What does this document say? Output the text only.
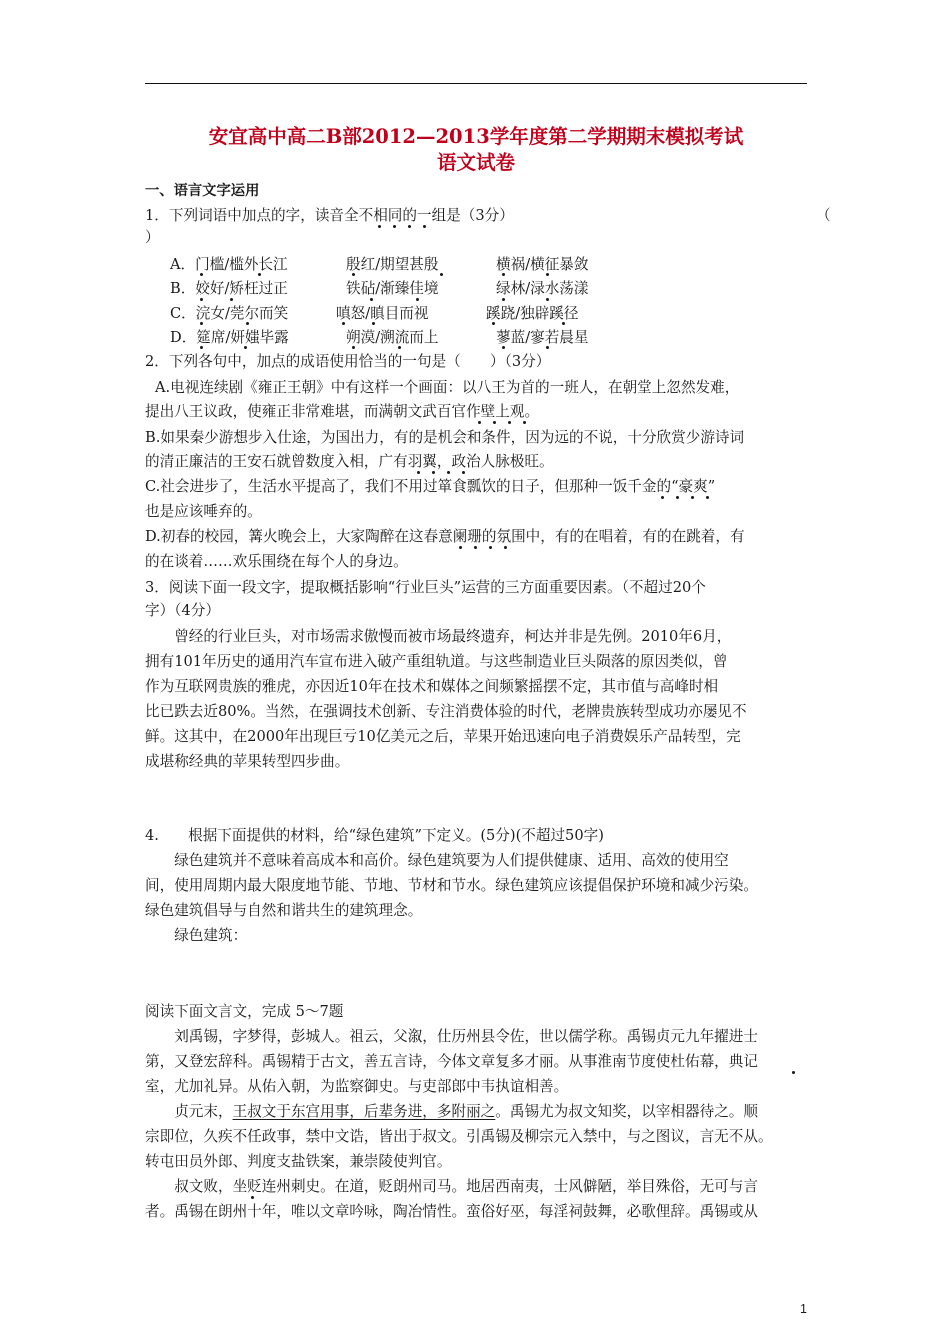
安宜高中高二B部2012—2013学年度第二学期期末模拟考试
语文试卷
一、语言文字运用
1．下列词语中加点的字，读音全不相同的一组是（3分）	（
）
A．门槛/槛外长江	殷红/期望甚殷	横祸/横征暴敛
B．姣好/矫枉过正	铁砧/渐臻佳境	绿林/渌水荡漾
C．浣女/莞尔而笑	嗔怒/瞋目而视	蹊跷/独辟蹊径
D．筵席/妍媸毕露	朔漠/溯流而上	蓼蓝/寥若晨星
2．下列各句中，加点的成语使用恰当的一句是（　　）（3分）
A.电视连续剧《雍正王朝》中有这样一个画面：以八王为首的一班人，在朝堂上忽然发难，
提出八王议政，使雍正非常难堪，而满朝文武百官作壁上观。
B.如果秦少游想步入仕途，为国出力，有的是机会和条件，因为远的不说，十分欣赏少游诗词
的清正廉洁的王安石就曾数度入相，广有羽翼，政治人脉极旺。
C.社会进步了，生活水平提高了，我们不用过箪食瓢饮的日子，但那种一饭千金的“豪爽”
也是应该唾弃的。
D.初春的校园，篝火晚会上，大家陶醉在这春意阑珊的氛围中，有的在唱着，有的在跳着，有
的在谈着……欢乐围绕在每个人的身边。
3．阅读下面一段文字，提取概括影响“行业巨头”运营的三方面重要因素。（不超过20个
字）（4分）
　　曾经的行业巨头，对市场需求傲慢而被市场最终遗弃，柯达并非是先例。2010年6月，
拥有101年历史的通用汽车宣布进入破产重组轨道。与这些制造业巨头陨落的原因类似，曾
作为互联网贵族的雅虎，亦因近10年在技术和媒体之间频繁摇摆不定，其市值与高峰时相
比已跌去近80%。当然，在强调技术创新、专注消费体验的时代，老牌贵族转型成功亦屡见不
鲜。这其中，在2000年出现巨亏10亿美元之后，苹果开始迅速向电子消费娱乐产品转型，完
成堪称经典的苹果转型四步曲。
4.　　根据下面提供的材料，给“绿色建筑”下定义。(5分)(不超过50字)
　　绿色建筑并不意味着高成本和高价。绿色建筑要为人们提供健康、适用、高效的使用空
间，使用周期内最大限度地节能、节地、节材和节水。绿色建筑应该提倡保护环境和减少污染。
绿色建筑倡导与自然和谐共生的建筑理念。
　　绿色建筑：
阅读下面文言文，完成 5～7题
　　刘禹锡，字梦得，彭城人。祖云，父溆，仕历州县令佐，世以儒学称。禹锡贞元九年擢进士
第，又登宏辞科。禹锡精于古文，善五言诗，今体文章复多才丽。从事淮南节度使杜佑幕，典记
室，尤加礼异。从佑入朝，为监察御史。与吏部郎中韦执谊相善。
　　贞元末，王叔文于东宫用事，后辈务进，多附丽之。禹锡尤为叔文知奖，以宰相器待之。顺
宗即位，久疾不任政事，禁中文诰，皆出于叔文。引禹锡及柳宗元入禁中，与之图议，言无不从。
转屯田员外郎、判度支盐铁案，兼崇陵使判官。
　　叔文败，坐贬连州刺史。在道，贬朗州司马。地居西南夷，士风僻陋，举目殊俗，无可与言
者。禹锡在朗州十年，唯以文章吟咏，陶冶情性。蛮俗好巫，每淫祠鼓舞，必歌俚辞。禹锡或从
1
